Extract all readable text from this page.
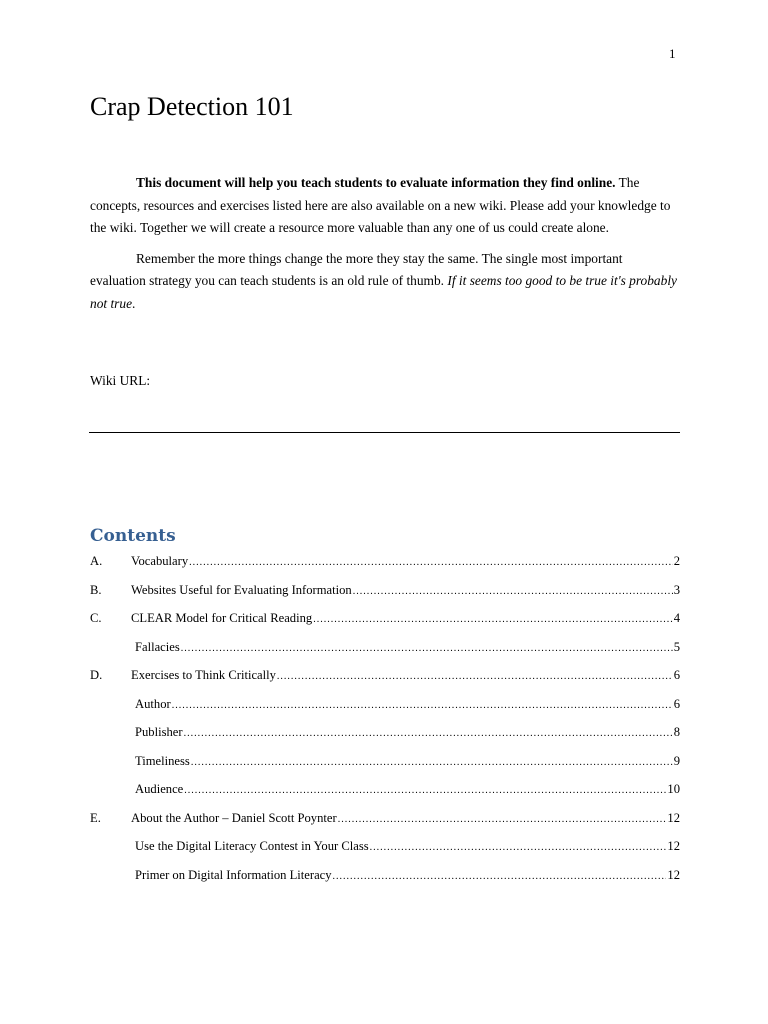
1
Crap Detection 101

This document will help you teach students to evaluate information they find online. The concepts, resources and exercises listed here are also available on a new wiki. Please add your knowledge to the wiki. Together we will create a resource more valuable than any one of us could create alone.

Remember the more things change the more they stay the same. The single most important evaluation strategy you can teach students is an old rule of thumb. If it seems too good to be true it's probably not true.

Wiki URL:
Contents
A.	Vocabulary .....	2
B.	Websites Useful for Evaluating Information .....	3
C.	CLEAR Model for Critical Reading .....	4
Fallacies .....	5
D.	Exercises to Think Critically .....	6
Author .....	6
Publisher .....	8
Timeliness .....	9
Audience .....	10
E.	About the Author – Daniel Scott Poynter .....	12
Use the Digital Literacy Contest in Your Class .....	12
Primer on Digital Information Literacy .....	12
